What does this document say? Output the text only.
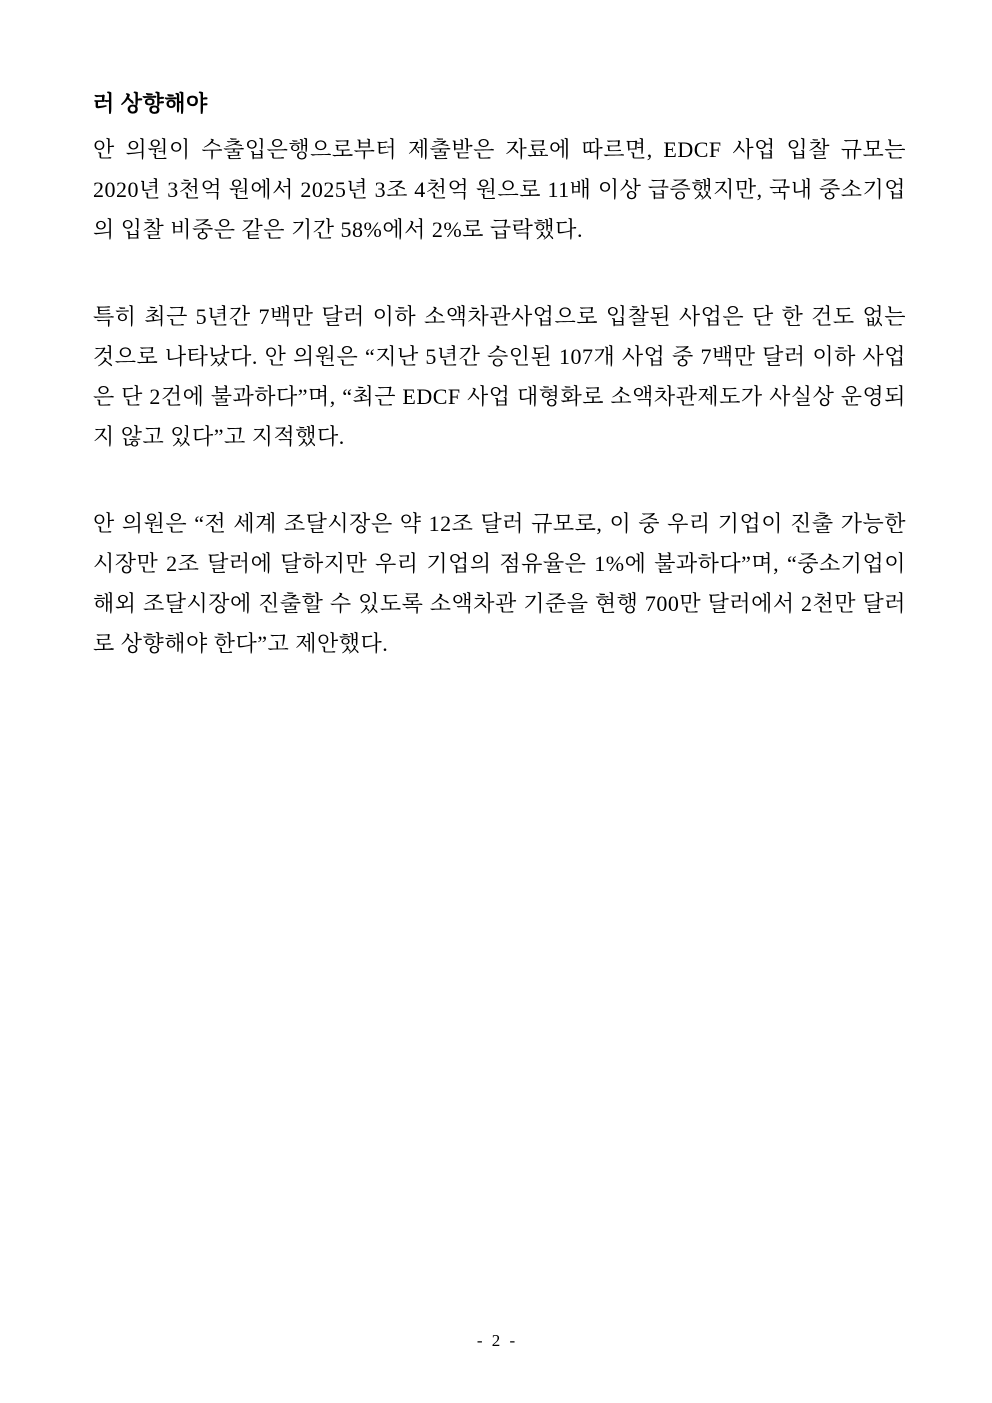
러 상향해야

안 의원이 수출입은행으로부터 제출받은 자료에 따르면, EDCF 사업 입찰 규모는 2020년 3천억 원에서 2025년 3조 4천억 원으로 11배 이상 급증했지만, 국내 중소기업의 입찰 비중은 같은 기간 58%에서 2%로 급락했다.

특히 최근 5년간 7백만 달러 이하 소액차관사업으로 입찰된 사업은 단 한 건도 없는 것으로 나타났다. 안 의원은 “지난 5년간 승인된 107개 사업 중 7백만 달러 이하 사업은 단 2건에 불과하다”며, “최근 EDCF 사업 대형화로 소액차관제도가 사실상 운영되지 않고 있다”고 지적했다.

안 의원은 “전 세계 조달시장은 약 12조 달러 규모로, 이 중 우리 기업이 진출 가능한 시장만 2조 달러에 달하지만 우리 기업의 점유율은 1%에 불과하다”며, “중소기업이 해외 조달시장에 진출할 수 있도록 소액차관 기준을 현행 700만 달러에서 2천만 달러로 상향해야 한다”고 제안했다.

- 2 -
